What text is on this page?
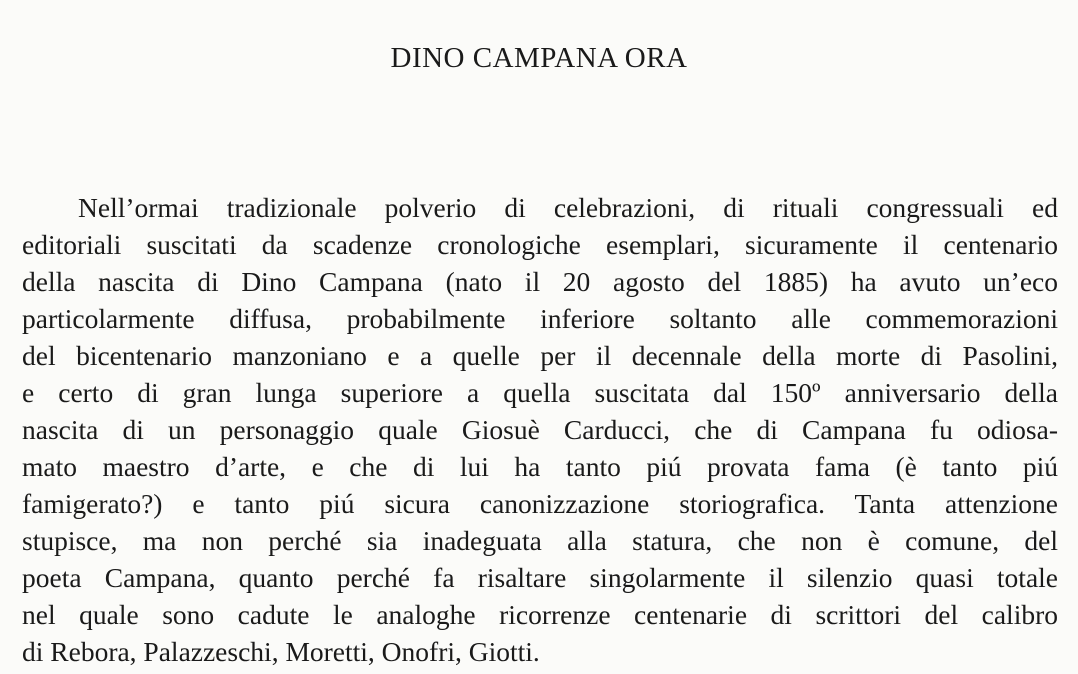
DINO CAMPANA ORA
Nell’ormai tradizionale polverio di celebrazioni, di rituali congressuali ed
editoriali suscitati da scadenze cronologiche esemplari, sicuramente il centenario
della nascita di Dino Campana (nato il 20 agosto del 1885) ha avuto un’eco
particolarmente diffusa, probabilmente inferiore soltanto alle commemorazioni
del bicentenario manzoniano e a quelle per il decennale della morte di Pasolini,
e certo di gran lunga superiore a quella suscitata dal 150º anniversario della
nascita di un personaggio quale Giosuè Carducci, che di Campana fu odiosa-
mato maestro d’arte, e che di lui ha tanto piú provata fama (è tanto piú
famigerato?) e tanto piú sicura canonizzazione storiografica. Tanta attenzione
stupisce, ma non perché sia inadeguata alla statura, che non è comune, del
poeta Campana, quanto perché fa risaltare singolarmente il silenzio quasi totale
nel quale sono cadute le analoghe ricorrenze centenarie di scrittori del calibro
di Rebora, Palazzeschi, Moretti, Onofri, Giotti.
